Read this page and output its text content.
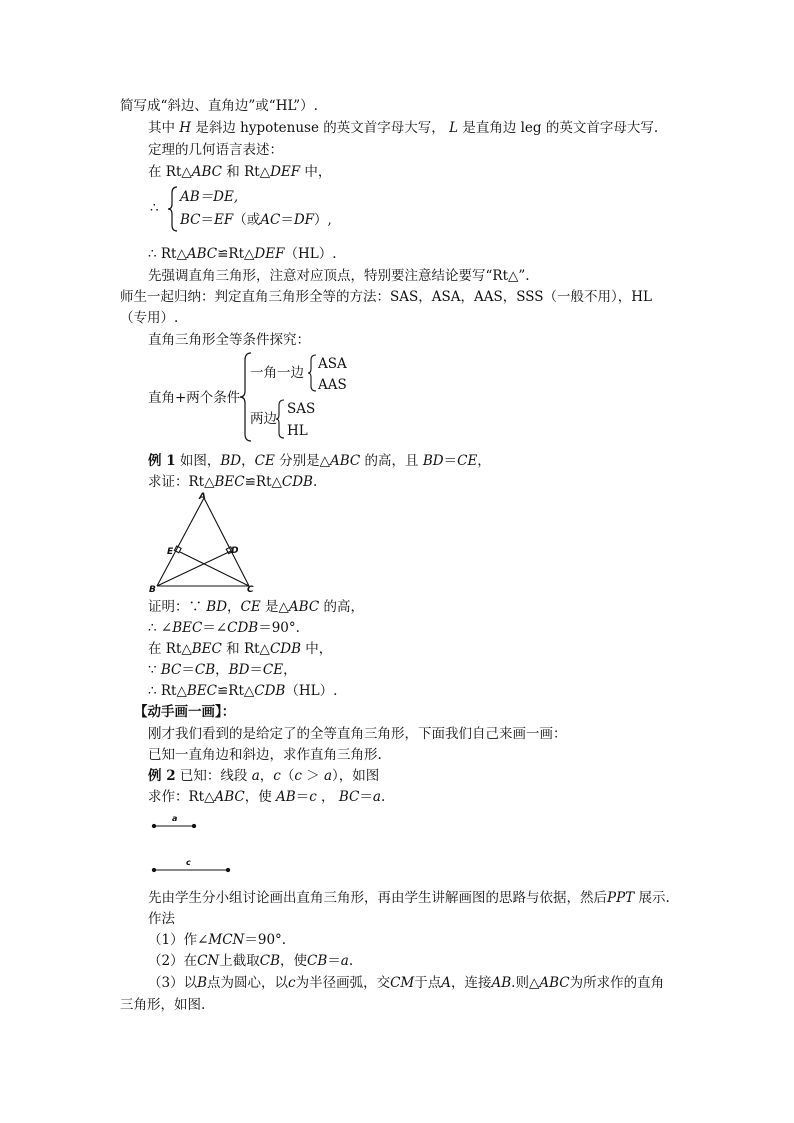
简写成“斜边、直角边”或“HL”）.
其中 H 是斜边 hypotenuse 的英文首字母大写， L 是直角边 leg 的英文首字母大写.
定理的几何语言表述：
在 Rt△ABC 和 Rt△DEF 中，
∴
AB＝DE,
BC＝EF（或AC＝DF）,
∴ Rt△ABC≌Rt△DEF（HL）.
先强调直角三角形，注意对应顶点，特别要注意结论要写“Rt△”.
师生一起归纳：判定直角三角形全等的方法：SAS，ASA，AAS，SSS（一般不用），HL
（专用）.
直角三角形全等条件探究：
直角+两个条件
一角一边
ASA
AAS
两边
SAS
HL
例 1 如图，BD，CE 分别是△ABC 的高，且 BD＝CE，
求证：Rt△BEC≌Rt△CDB.
A
E	D
B	C
证明：∵ BD，CE 是△ABC 的高，
∴ ∠BEC＝∠CDB＝90°.
在 Rt△BEC 和 Rt△CDB 中，
∵ BC＝CB，BD＝CE，
∴ Rt△BEC≌Rt△CDB（HL）.
【动手画一画】：
刚才我们看到的是给定了的全等直角三角形，下面我们自己来画一画：
已知一直角边和斜边，求作直角三角形.
例 2 已知：线段 a，c（c ＞ a），如图
求作：Rt△ABC，使 AB＝c ， BC＝a.
a
c
先由学生分小组讨论画出直角三角形，再由学生讲解画图的思路与依据，然后PPT 展示.
作法
（1）作∠MCN＝90°.
（2）在CN上截取CB，使CB＝a.
（3）以B点为圆心，以c为半径画弧，交CM于点A，连接AB.则△ABC为所求作的直角
三角形，如图.
